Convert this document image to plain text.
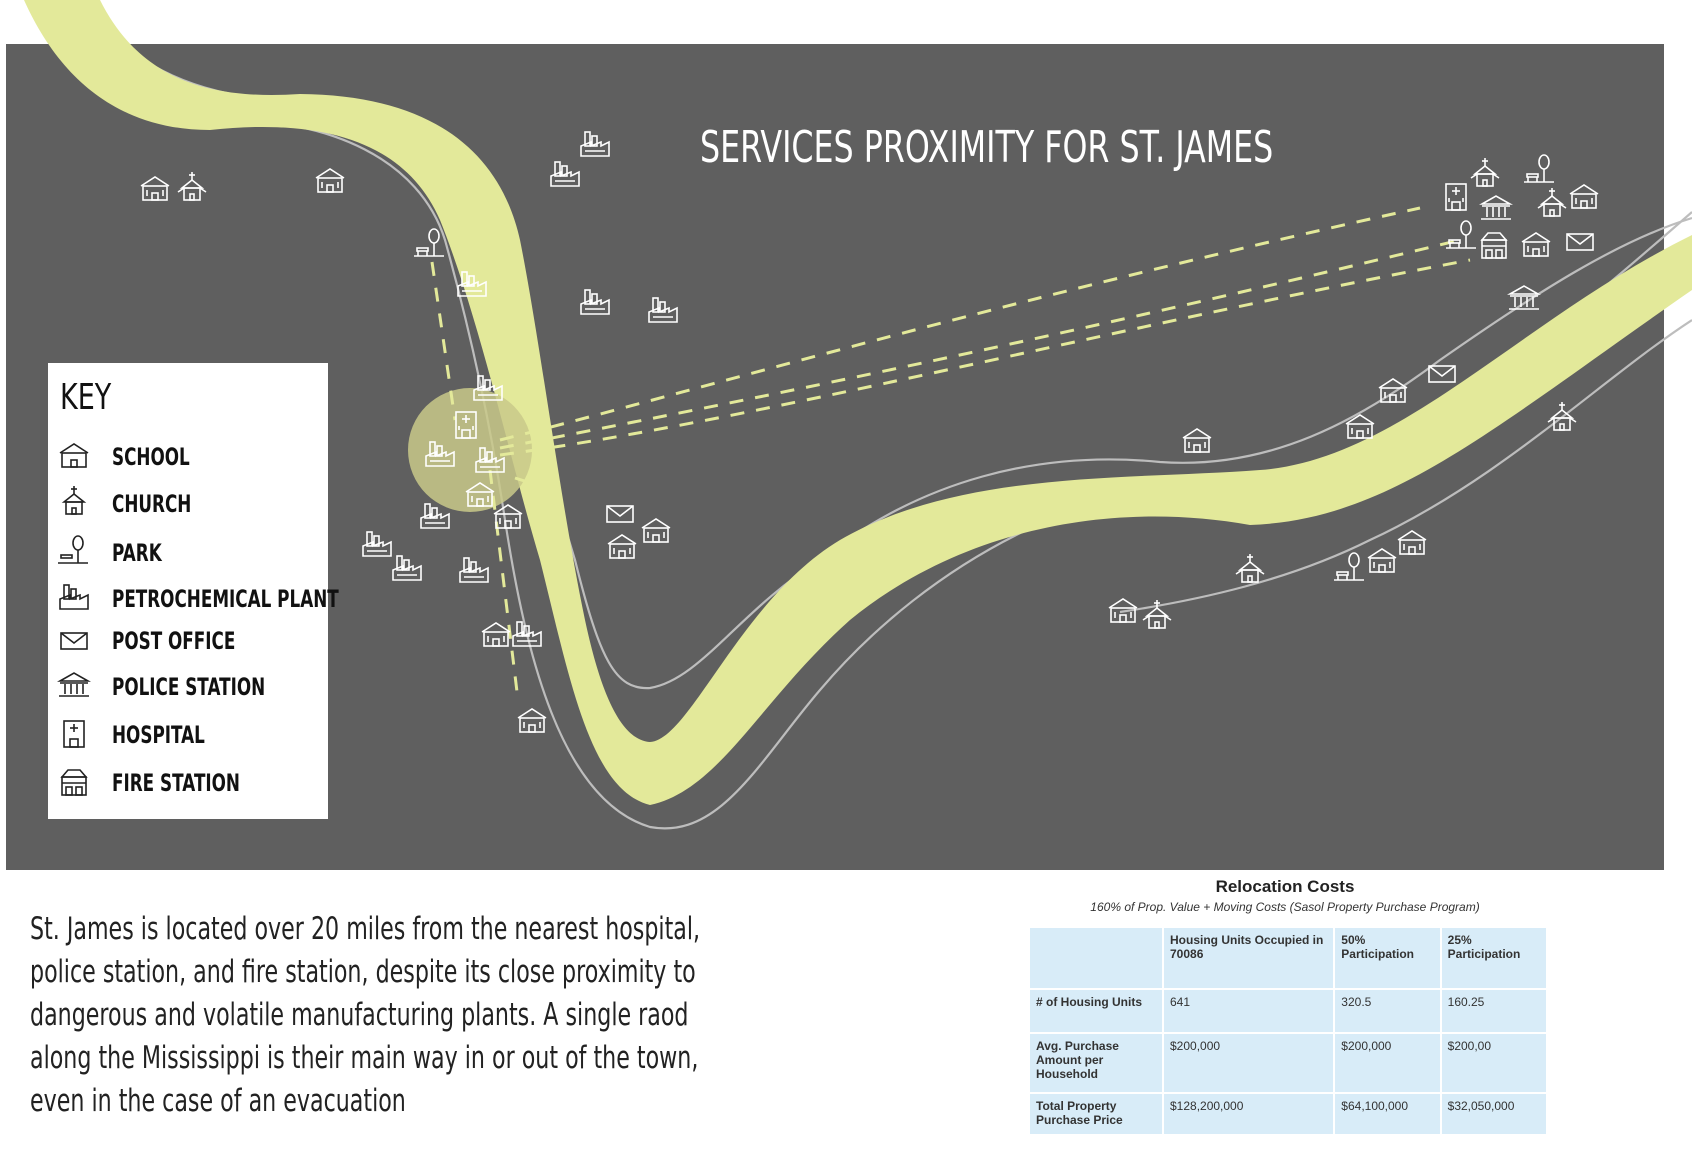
SERVICES PROXIMITY FOR ST. JAMES
KEY
SCHOOL
CHURCH
PARK
PETROCHEMICAL PLANT
POST OFFICE
POLICE STATION
HOSPITAL
FIRE STATION
St. James is located over 20 miles from the nearest hospital,
police station, and fire station, despite its close proximity to
dangerous and volatile manufacturing plants. A single raod
along the Mississippi is their main way in or out of the town,
even in the case of an evacuation
Relocation Costs
160% of Prop. Value + Moving Costs (Sasol Property Purchase Program)
	Housing Units Occupied in 70086	50% Participation	25% Participation
# of Housing Units	641	320.5	160.25
Avg. Purchase Amount per Household	$200,000	$200,000	$200,00
Total Property Purchase Price	$128,200,000	$64,100,000	$32,050,000
